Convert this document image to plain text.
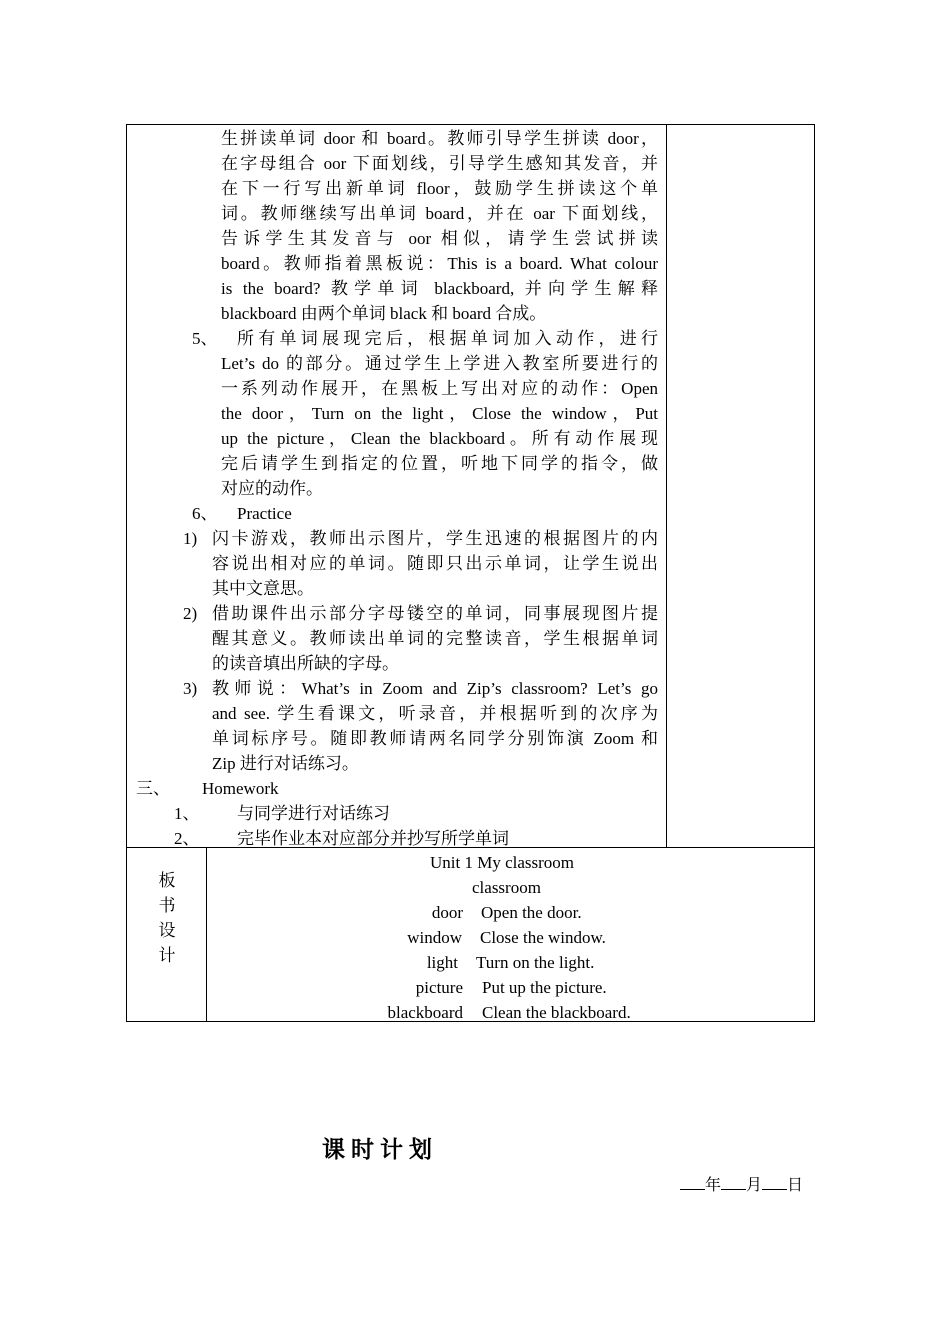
生拼读单词 door 和 board。教师引导学生拼读 door，
在字母组合 oor 下面划线，引导学生感知其发音，并
在下一行写出新单词 floor，鼓励学生拼读这个单
词。教师继续写出单词 board，并在 oar 下面划线，
告诉学生其发音与 oor 相似，请学生尝试拼读
board。教师指着黑板说：This is a board. What colour
is the board? 教学单词 blackboard, 并向学生解释
blackboard 由两个单词 black 和 board 合成。
5、 所有单词展现完后，根据单词加入动作，进行
Let’s do 的部分。通过学生上学进入教室所要进行的
一系列动作展开，在黑板上写出对应的动作：Open
the door，Turn on the light，Close the window，Put
up the picture，Clean the blackboard。所有动作展现
完后请学生到指定的位置，听地下同学的指令，做
对应的动作。
6、 Practice
1) 闪卡游戏，教师出示图片，学生迅速的根据图片的内
容说出相对应的单词。随即只出示单词，让学生说出
其中文意思。
2) 借助课件出示部分字母镂空的单词，同事展现图片提
醒其意义。教师读出单词的完整读音，学生根据单词
的读音填出所缺的字母。
3) 教师说：What’s in Zoom and Zip’s classroom? Let’s go
and see. 学生看课文，听录音，并根据听到的次序为
单词标序号。随即教师请两名同学分别饰演 Zoom 和
Zip 进行对话练习。
三、 Homework
1、 与同学进行对话练习
2、 完毕作业本对应部分并抄写所学单词
板
书
设
计
Unit 1 My classroom
classroom
door Open the door.
window Close the window.
light Turn on the light.
picture Put up the picture.
blackboard Clean the blackboard.
课时计划
年 月 日
